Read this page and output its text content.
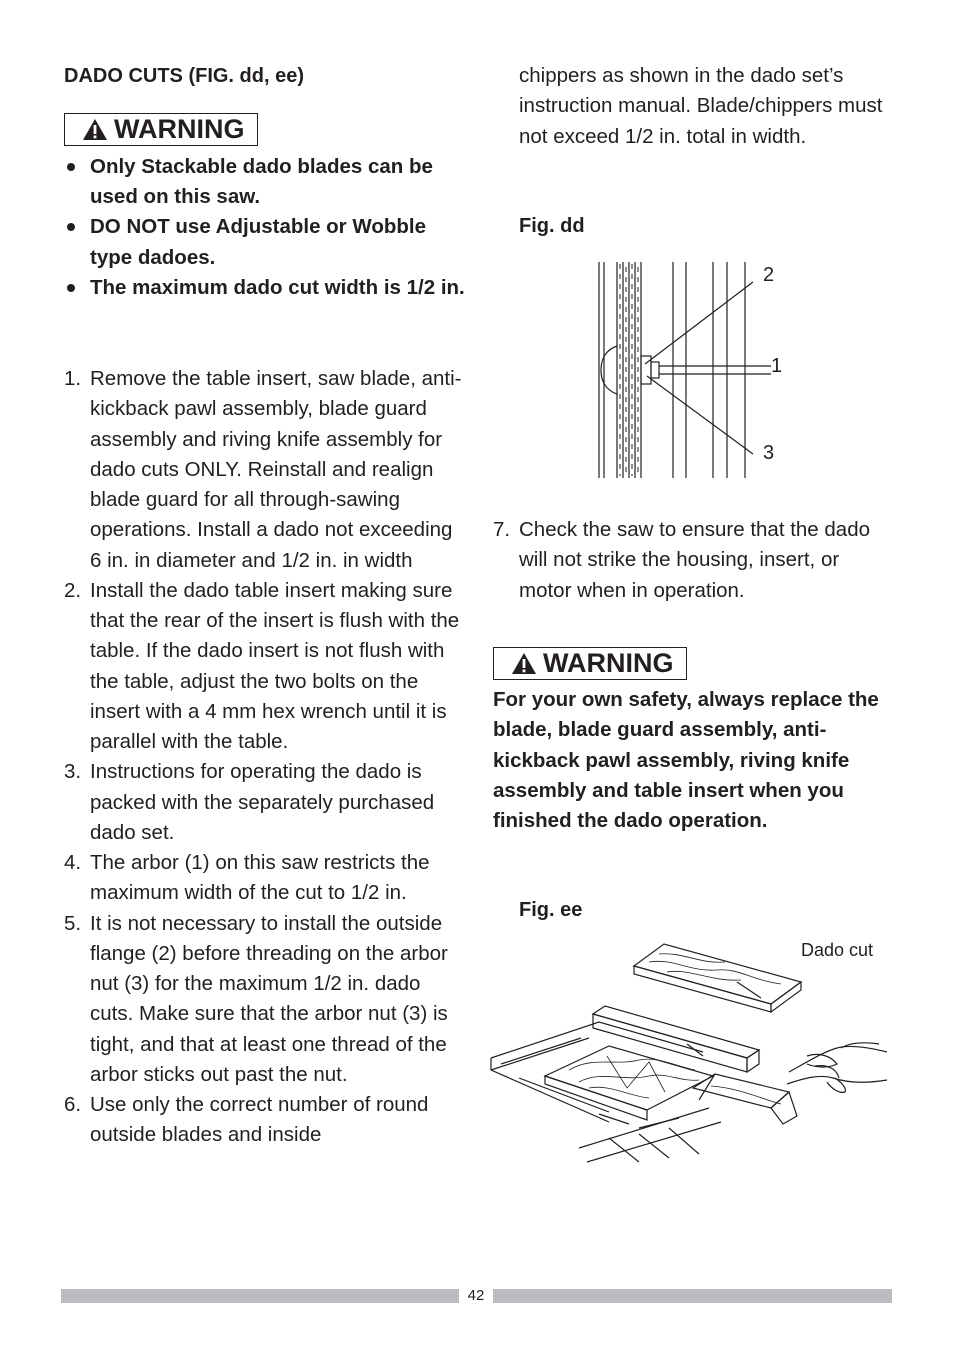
DADO CUTS (FIG. dd, ee)
WARNING
Only Stackable dado blades can be used on this saw.
DO NOT use Adjustable or Wobble type dadoes.
The maximum dado cut width is 1/2 in.
1. Remove the table insert, saw blade, anti-kickback pawl assembly, blade guard assembly and riving knife assembly for dado cuts ONLY. Reinstall and realign blade guard for all through-sawing operations. Install a dado not exceeding 6 in. in diameter and 1/2 in. in width
2. Install the dado table insert making sure that the rear of the insert is flush with the table. If the dado insert is not flush with the table, adjust the two bolts on the insert with a 4 mm hex wrench until it is parallel with the table.
3. Instructions for operating the dado is packed with the separately purchased dado set.
4. The arbor (1) on this saw restricts the maximum width of the cut to 1/2 in.
5. It is not necessary to install the outside flange (2) before threading on the arbor nut (3) for the maximum 1/2 in. dado cuts. Make sure that the arbor nut (3) is tight, and that at least one thread of the arbor sticks out past the nut.
6. Use only the correct number of round outside blades and inside

chippers as shown in the dado set’s instruction manual. Blade/chippers must not exceed 1/2 in. total in width.

Fig. dd
2
1
3
7. Check the saw to ensure that the dado will not strike the housing, insert, or motor when in operation.
WARNING

For your own safety, always replace the blade, blade guard assembly, anti-kickback pawl assembly, riving knife assembly and table insert when you finished the dado operation.

Fig. ee
Dado cut
42
